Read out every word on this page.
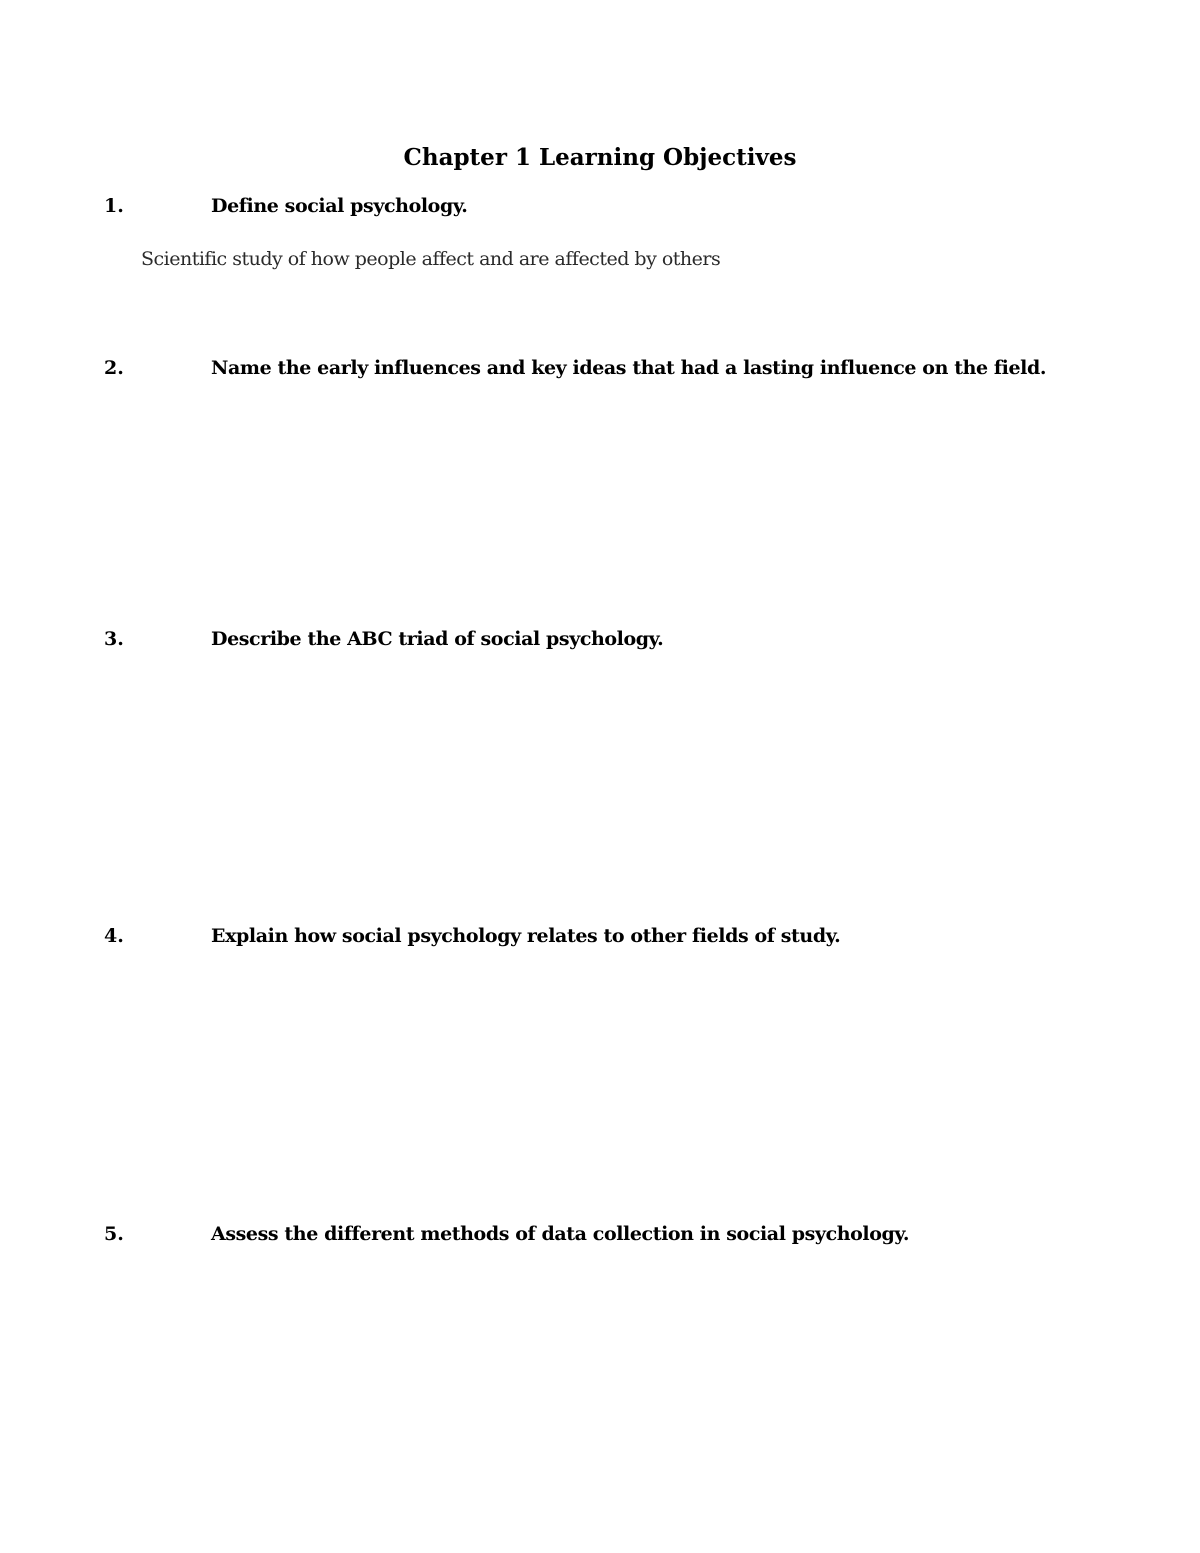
Chapter 1 Learning Objectives
1.	Define social psychology.
Scientific study of how people affect and are affected by others
2.	Name the early influences and key ideas that had a lasting influence on the field.
3.	Describe the ABC triad of social psychology.
4.	Explain how social psychology relates to other fields of study.
5.	Assess the different methods of data collection in social psychology.
